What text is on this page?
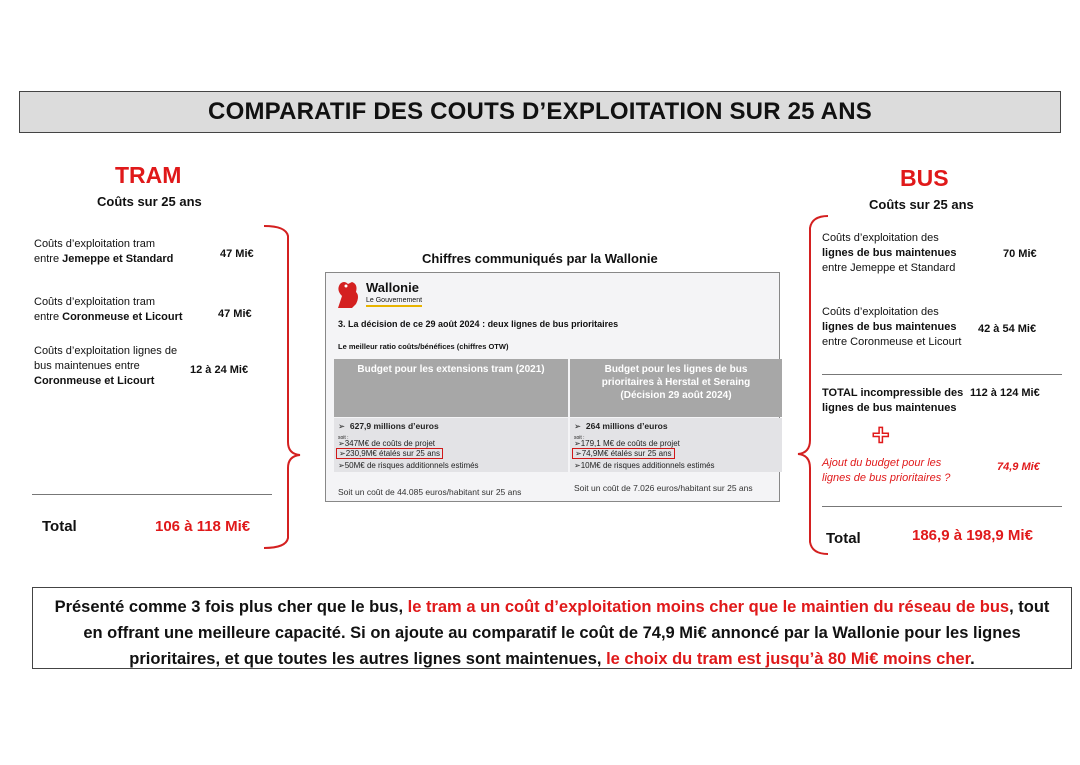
COMPARATIF DES COUTS D’EXPLOITATION SUR 25 ANS
TRAM
Coûts sur 25 ans
Coûts d’exploitation tram
entre Jemeppe et Standard	47 Mi€
Coûts d’exploitation tram
entre Coronmeuse et Licourt	47 Mi€
Coûts d’exploitation lignes de
bus maintenues entre
Coronmeuse et Licourt
12 à 24 Mi€
Total	106 à 118 Mi€
Chiffres communiqués par la Wallonie
Wallonie
Le Gouvernement
3. La décision de ce 29 août 2024 : deux lignes de bus prioritaires
Le meilleur ratio coûts/bénéfices (chiffres OTW)
Budget pour les extensions tram (2021)	Budget pour les lignes de bus
prioritaires à Herstal et Seraing
(Décision 29 août 2024)
➢  627,9 millions d’euros
soit :
➢347M€ de coûts de projet
➢230,9M€ étalés sur 25 ans
➢50M€ de risques additionnels estimés
Soit un coût de 44.085 euros/habitant sur 25 ans
➢  264 millions d’euros
soit :
➢179,1 M€ de coûts de projet
➢74,9M€ étalés sur 25 ans
➢10M€ de risques additionnels estimés
Soit un coût de 7.026 euros/habitant sur 25 ans
BUS
Coûts sur 25 ans
Coûts d’exploitation des
lignes de bus maintenues
entre Jemeppe et Standard
70 Mi€
Coûts d’exploitation des
lignes de bus maintenues
entre Coronmeuse et Licourt
42 à 54 Mi€
TOTAL incompressible des
lignes de bus maintenues
112 à 124 Mi€
+
Ajout du budget pour les
lignes de bus prioritaires ?
74,9 Mi€
Total	186,9 à 198,9 Mi€
Présenté comme 3 fois plus cher que le bus, le tram a un coût d’exploitation moins cher que le maintien du réseau de bus, tout en offrant une meilleure capacité. Si on ajoute au comparatif le coût de 74,9 Mi€ annoncé par la Wallonie pour les lignes prioritaires, et que toutes les autres lignes sont maintenues, le choix du tram est jusqu’à 80 Mi€ moins cher.
